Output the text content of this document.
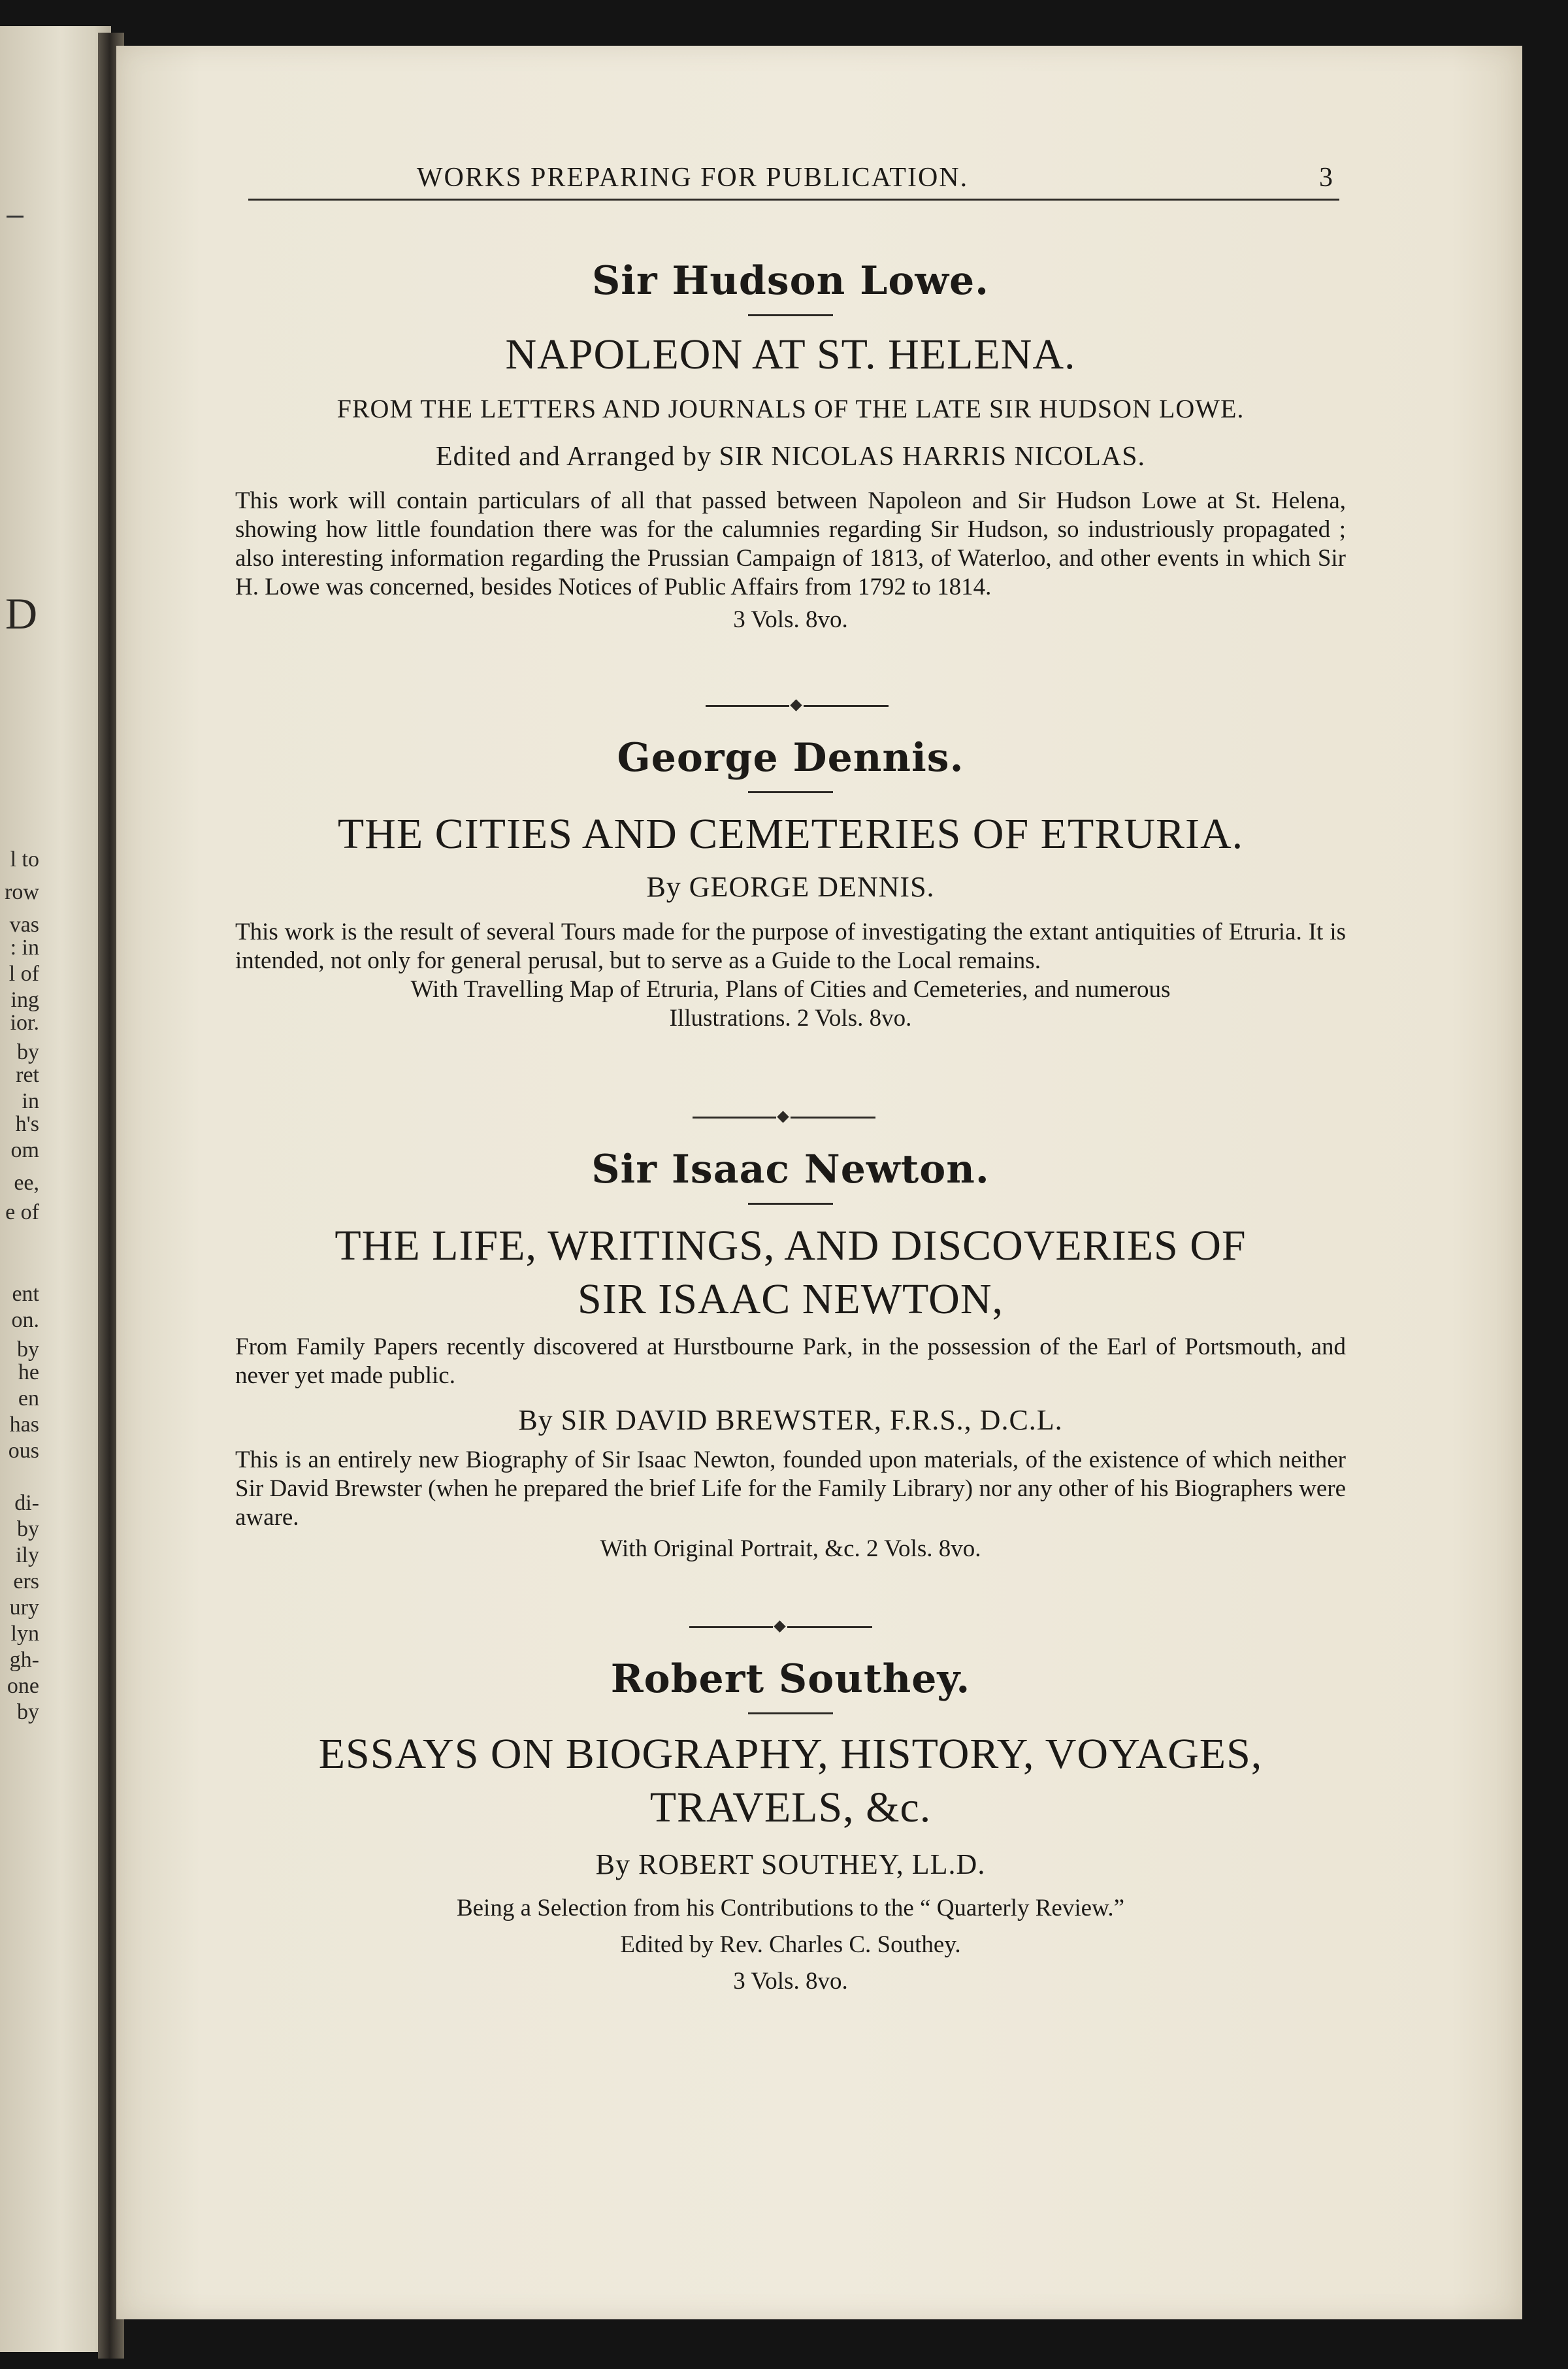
D
l to
row
vas
: in
l of
ing
ior.
by
ret
in
h's
om
ee,
e of
ent
on.
by
he
en
has
ous
di-
by
ily
ers
ury
lyn
gh-
one
by
WORKS PREPARING FOR PUBLICATION.	3
Sir Hudson Lowe.
NAPOLEON AT ST. HELENA.
FROM THE LETTERS AND JOURNALS OF THE LATE SIR HUDSON LOWE.
Edited and Arranged by SIR NICOLAS HARRIS NICOLAS.
This work will contain particulars of all that passed between Napoleon and Sir Hudson Lowe at St. Helena, showing how little foundation there was for the calumnies regarding Sir Hudson, so industriously propagated ; also interesting information regarding the Prussian Campaign of 1813, of Waterloo, and other events in which Sir H. Lowe was concerned, besides Notices of Public Affairs from 1792 to 1814.
3 Vols. 8vo.
George Dennis.
THE CITIES AND CEMETERIES OF ETRURIA.
By GEORGE DENNIS.
This work is the result of several Tours made for the purpose of investigating the extant antiquities of Etruria. It is intended, not only for general perusal, but to serve as a Guide to the Local remains.
With Travelling Map of Etruria, Plans of Cities and Cemeteries, and numerous Illustrations. 2 Vols. 8vo.
Sir Isaac Newton.
THE LIFE, WRITINGS, AND DISCOVERIES OF
SIR ISAAC NEWTON,
From Family Papers recently discovered at Hurstbourne Park, in the possession of the Earl of Portsmouth, and never yet made public.
By SIR DAVID BREWSTER, F.R.S., D.C.L.
This is an entirely new Biography of Sir Isaac Newton, founded upon materials, of the existence of which neither Sir David Brewster (when he prepared the brief Life for the Family Library) nor any other of his Biographers were aware.
With Original Portrait, &c. 2 Vols. 8vo.
Robert Southey.
ESSAYS ON BIOGRAPHY, HISTORY, VOYAGES,
TRAVELS, &c.
By ROBERT SOUTHEY, LL.D.
Being a Selection from his Contributions to the “ Quarterly Review.”
Edited by Rev. Charles C. Southey.
3 Vols. 8vo.
